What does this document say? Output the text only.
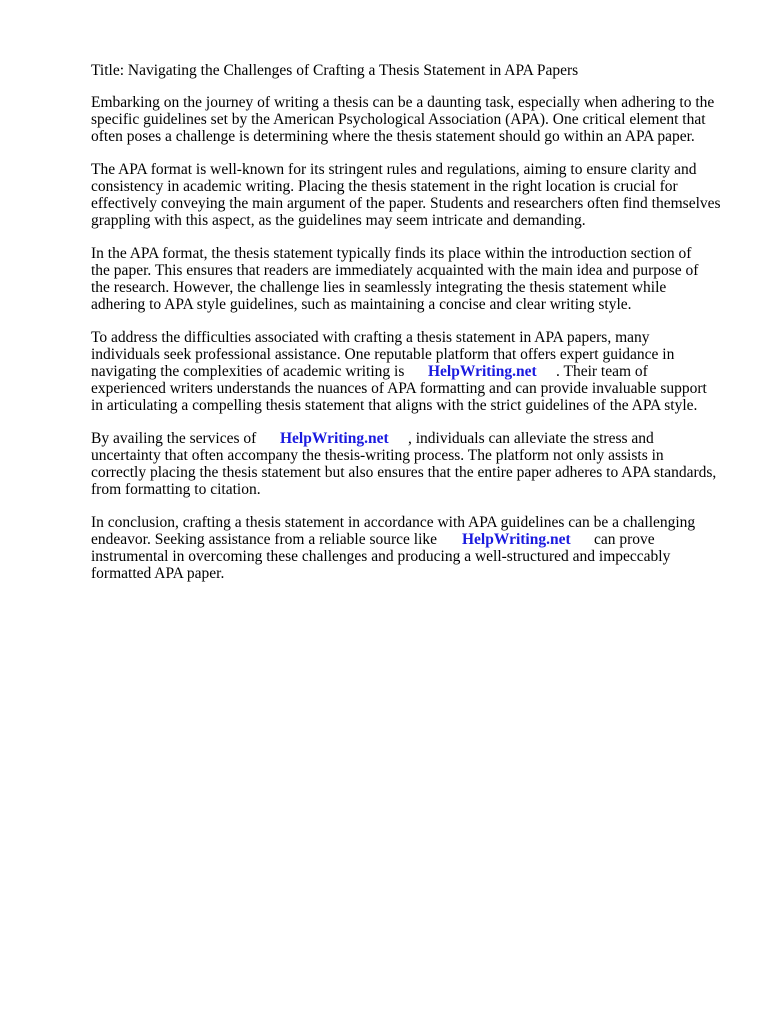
Title: Navigating the Challenges of Crafting a Thesis Statement in APA Papers
Embarking on the journey of writing a thesis can be a daunting task, especially when adhering to the
specific guidelines set by the American Psychological Association (APA). One critical element that
often poses a challenge is determining where the thesis statement should go within an APA paper.
The APA format is well-known for its stringent rules and regulations, aiming to ensure clarity and
consistency in academic writing. Placing the thesis statement in the right location is crucial for
effectively conveying the main argument of the paper. Students and researchers often find themselves
grappling with this aspect, as the guidelines may seem intricate and demanding.
In the APA format, the thesis statement typically finds its place within the introduction section of
the paper. This ensures that readers are immediately acquainted with the main idea and purpose of
the research. However, the challenge lies in seamlessly integrating the thesis statement while
adhering to APA style guidelines, such as maintaining a concise and clear writing style.
To address the difficulties associated with crafting a thesis statement in APA papers, many
individuals seek professional assistance. One reputable platform that offers expert guidance in
navigating the complexities of academic writing is HelpWriting.net . Their team of
experienced writers understands the nuances of APA formatting and can provide invaluable support
in articulating a compelling thesis statement that aligns with the strict guidelines of the APA style.
By availing the services of HelpWriting.net , individuals can alleviate the stress and
uncertainty that often accompany the thesis-writing process. The platform not only assists in
correctly placing the thesis statement but also ensures that the entire paper adheres to APA standards,
from formatting to citation.
In conclusion, crafting a thesis statement in accordance with APA guidelines can be a challenging
endeavor. Seeking assistance from a reliable source like HelpWriting.net can prove
instrumental in overcoming these challenges and producing a well-structured and impeccably
formatted APA paper.
